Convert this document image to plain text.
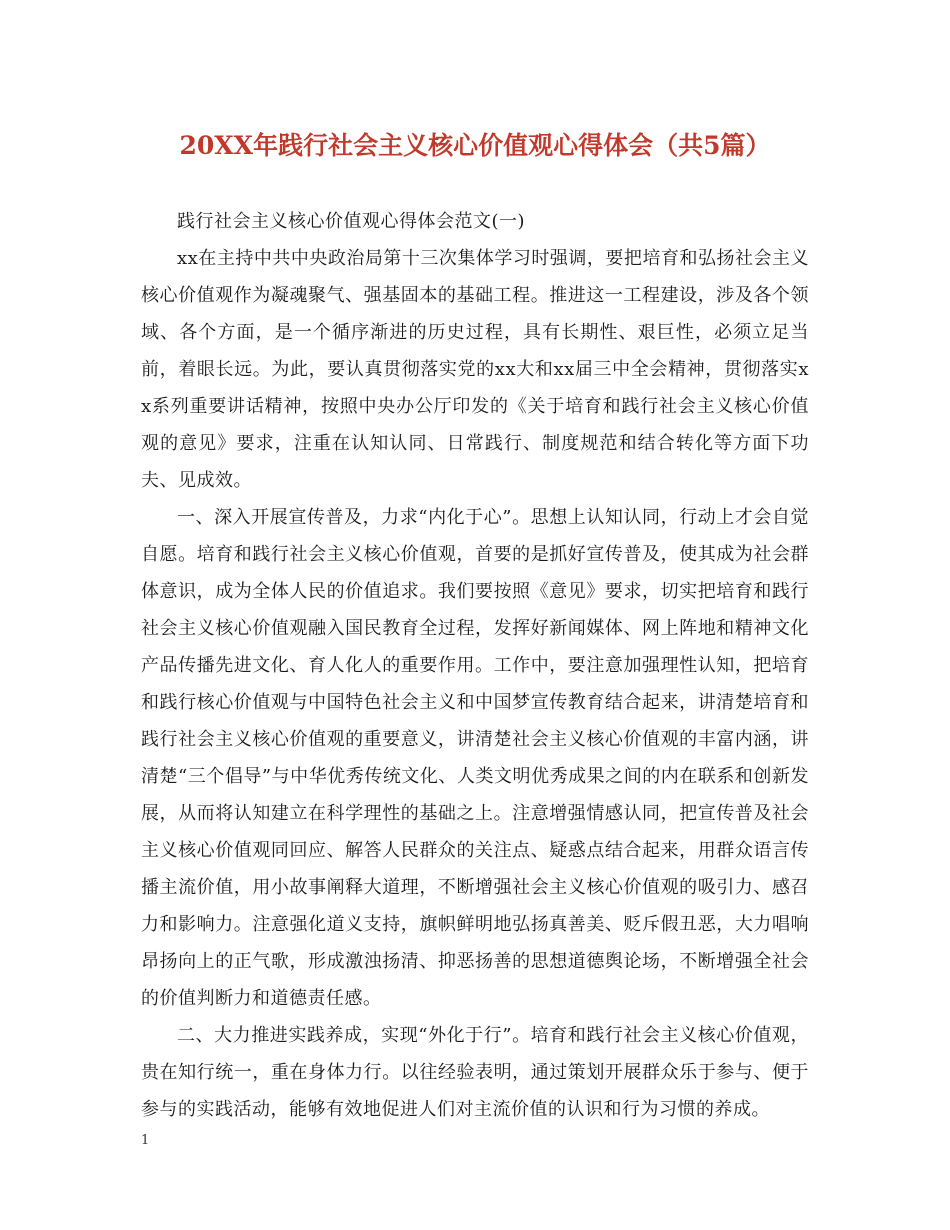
20XX年践行社会主义核心价值观心得体会（共5篇）

践行社会主义核心价值观心得体会范文(一)

xx在主持中共中央政治局第十三次集体学习时强调，要把培育和弘扬社会主义核心价值观作为凝魂聚气、强基固本的基础工程。推进这一工程建设，涉及各个领域、各个方面，是一个循序渐进的历史过程，具有长期性、艰巨性，必须立足当前，着眼长远。为此，要认真贯彻落实党的xx大和xx届三中全会精神，贯彻落实xx系列重要讲话精神，按照中央办公厅印发的《关于培育和践行社会主义核心价值观的意见》要求，注重在认知认同、日常践行、制度规范和结合转化等方面下功夫、见成效。

一、深入开展宣传普及，力求“内化于心”。思想上认知认同，行动上才会自觉自愿。培育和践行社会主义核心价值观，首要的是抓好宣传普及，使其成为社会群体意识，成为全体人民的价值追求。我们要按照《意见》要求，切实把培育和践行社会主义核心价值观融入国民教育全过程，发挥好新闻媒体、网上阵地和精神文化产品传播先进文化、育人化人的重要作用。工作中，要注意加强理性认知，把培育和践行核心价值观与中国特色社会主义和中国梦宣传教育结合起来，讲清楚培育和践行社会主义核心价值观的重要意义，讲清楚社会主义核心价值观的丰富内涵，讲清楚“三个倡导”与中华优秀传统文化、人类文明优秀成果之间的内在联系和创新发展，从而将认知建立在科学理性的基础之上。注意增强情感认同，把宣传普及社会主义核心价值观同回应、解答人民群众的关注点、疑惑点结合起来，用群众语言传播主流价值，用小故事阐释大道理，不断增强社会主义核心价值观的吸引力、感召力和影响力。注意强化道义支持，旗帜鲜明地弘扬真善美、贬斥假丑恶，大力唱响昂扬向上的正气歌，形成激浊扬清、抑恶扬善的思想道德舆论场，不断增强全社会的价值判断力和道德责任感。

二、大力推进实践养成，实现“外化于行”。培育和践行社会主义核心价值观，贵在知行统一，重在身体力行。以往经验表明，通过策划开展群众乐于参与、便于参与的实践活动，能够有效地促进人们对主流价值的认识和行为习惯的养成。

1
